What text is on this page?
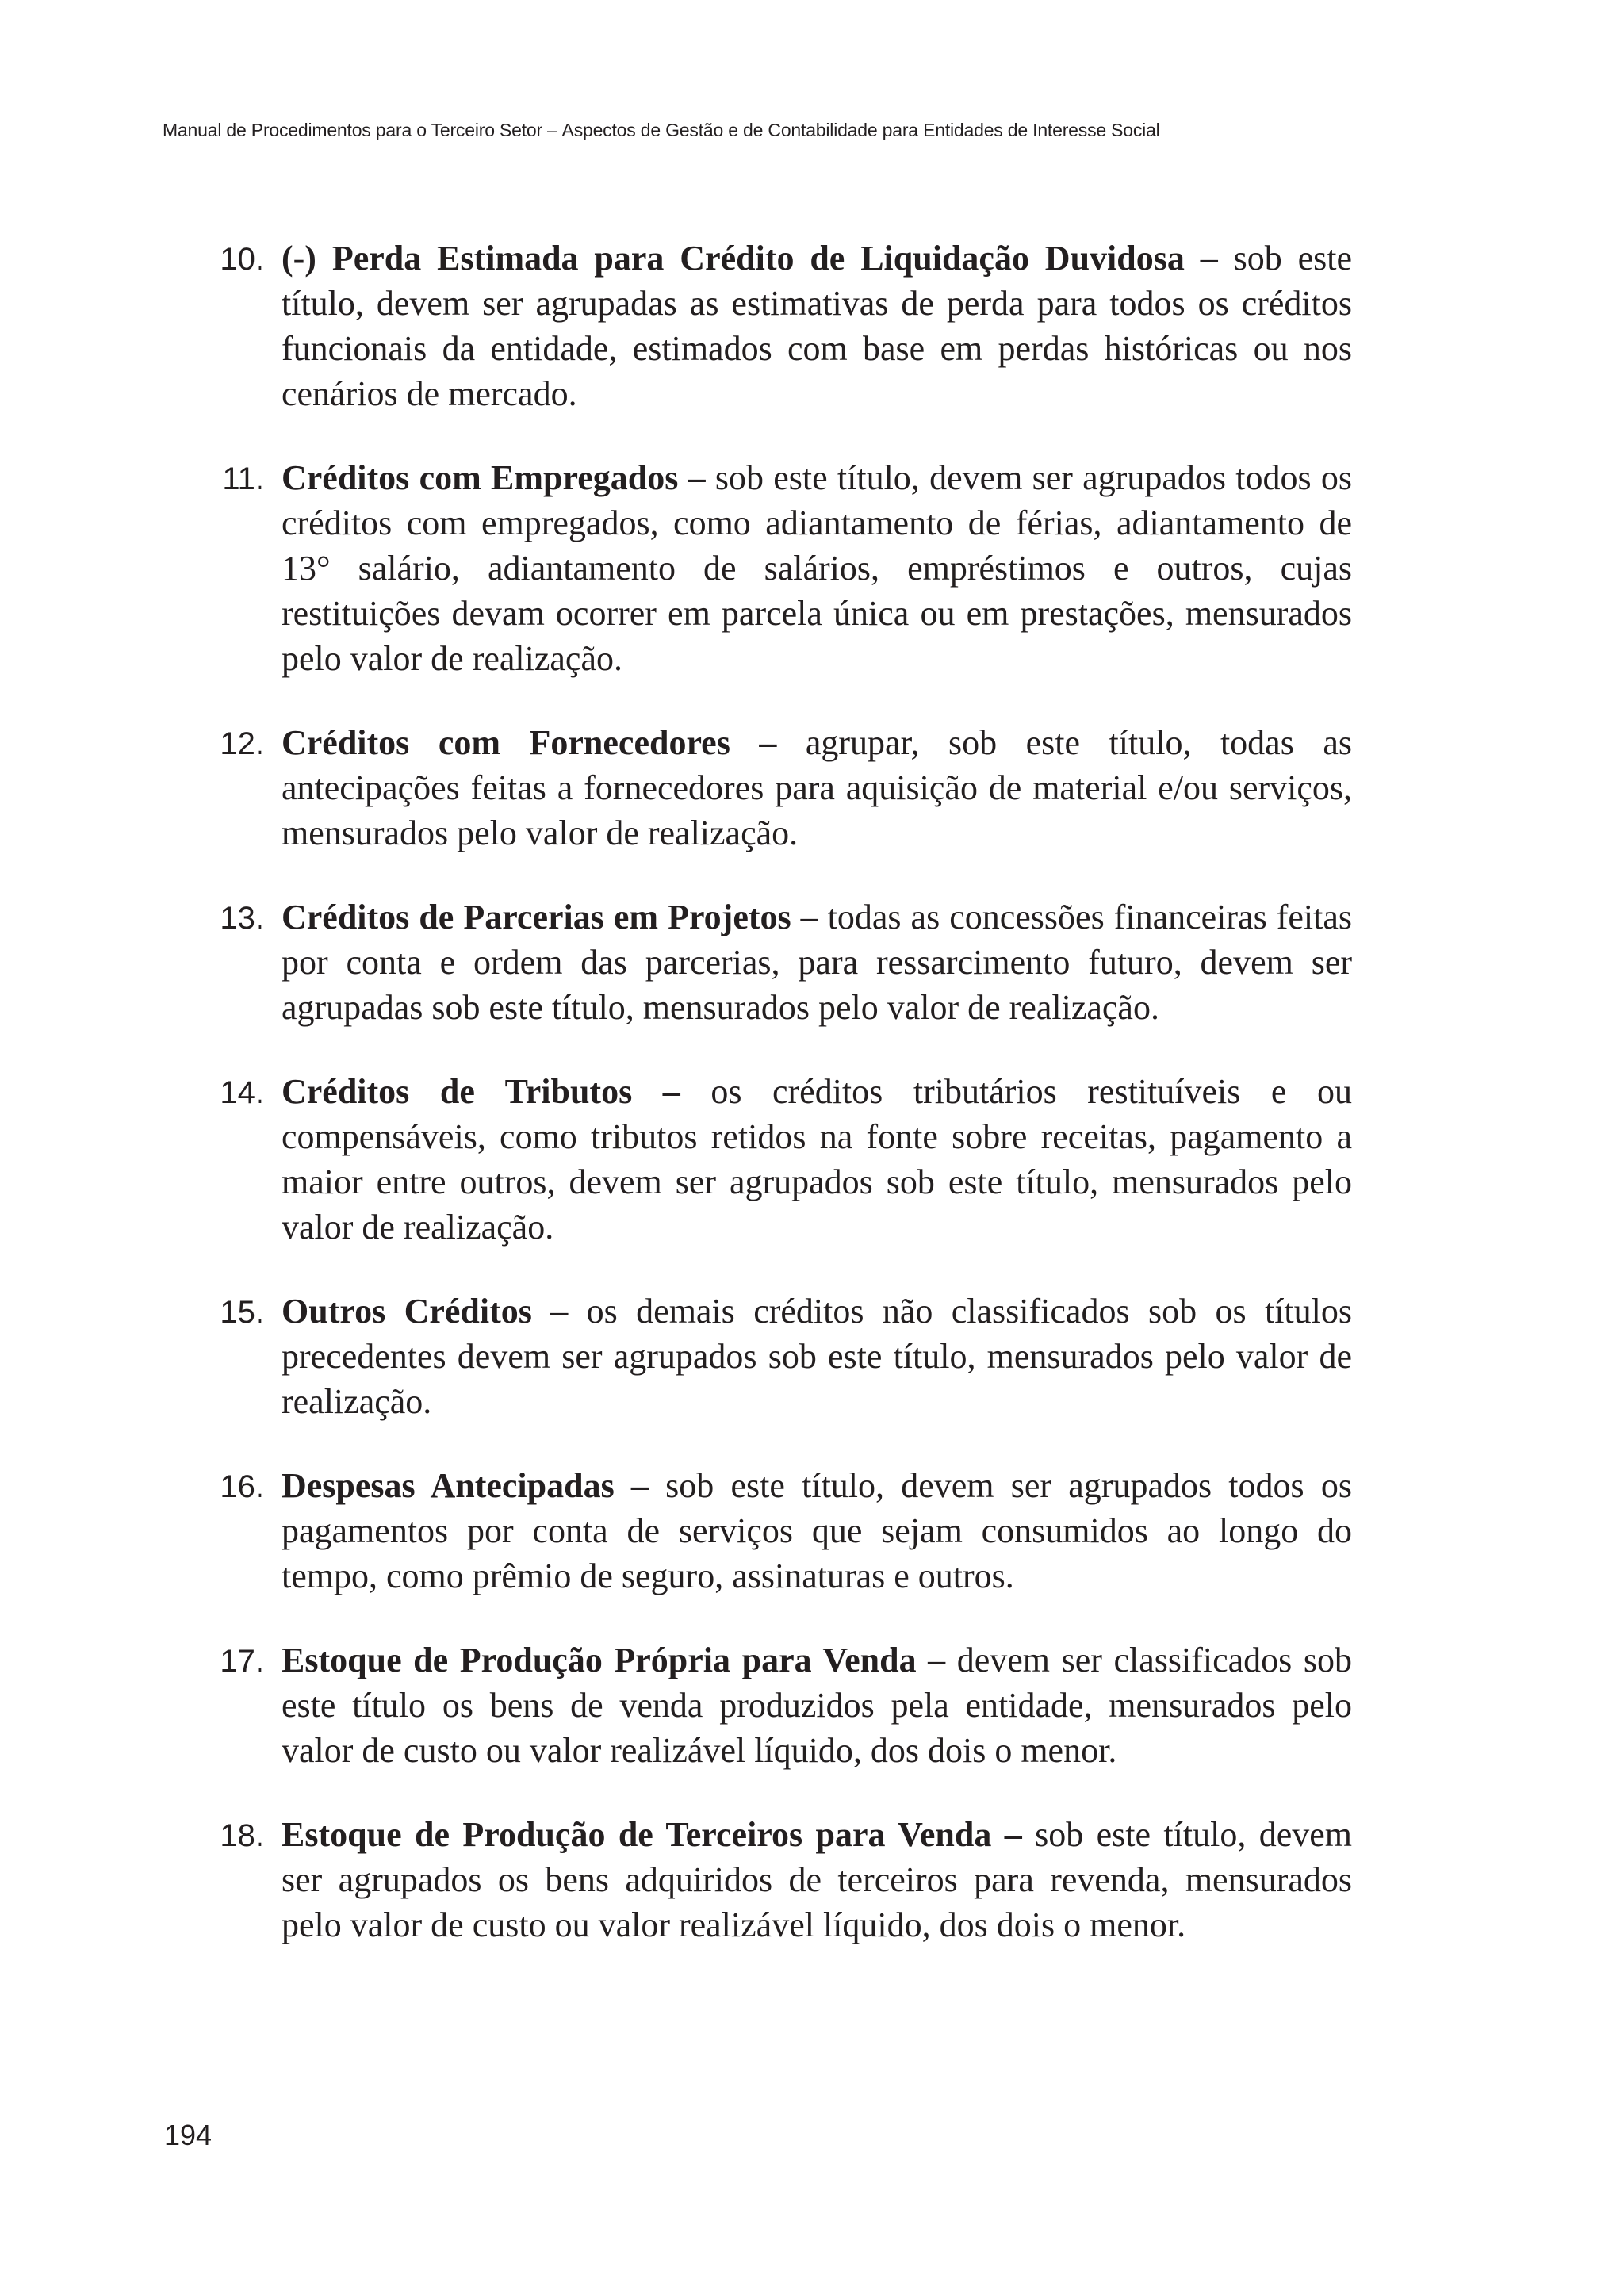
Manual de Procedimentos para o Terceiro Setor – Aspectos de Gestão e de Contabilidade para Entidades de Interesse Social
10. (-) Perda Estimada para Crédito de Liquidação Duvidosa – sob este título, devem ser agrupadas as estimativas de perda para todos os créditos funcionais da entidade, estimados com base em perdas históricas ou nos cenários de mercado.
11. Créditos com Empregados – sob este título, devem ser agrupados todos os créditos com empregados, como adiantamento de férias, adiantamento de 13° salário, adiantamento de salários, empréstimos e outros, cujas restituições devam ocorrer em parcela única ou em prestações, mensurados pelo valor de realização.
12. Créditos com Fornecedores – agrupar, sob este título, todas as antecipações feitas a fornecedores para aquisição de material e/ou serviços, mensurados pelo valor de realização.
13. Créditos de Parcerias em Projetos – todas as concessões financeiras feitas por conta e ordem das parcerias, para ressarcimento futuro, devem ser agrupadas sob este título, mensurados pelo valor de realização.
14. Créditos de Tributos – os créditos tributários restituíveis e ou compensáveis, como tributos retidos na fonte sobre receitas, pagamento a maior entre outros, devem ser agrupados sob este título, mensurados pelo valor de realização.
15. Outros Créditos – os demais créditos não classificados sob os títulos precedentes devem ser agrupados sob este título, mensurados pelo valor de realização.
16. Despesas Antecipadas – sob este título, devem ser agrupados todos os pagamentos por conta de serviços que sejam consumidos ao longo do tempo, como prêmio de seguro, assinaturas e outros.
17. Estoque de Produção Própria para Venda – devem ser classificados sob este título os bens de venda produzidos pela entidade, mensurados pelo valor de custo ou valor realizável líquido, dos dois o menor.
18. Estoque de Produção de Terceiros para Venda – sob este título, devem ser agrupados os bens adquiridos de terceiros para revenda, mensurados pelo valor de custo ou valor realizável líquido, dos dois o menor.
194
